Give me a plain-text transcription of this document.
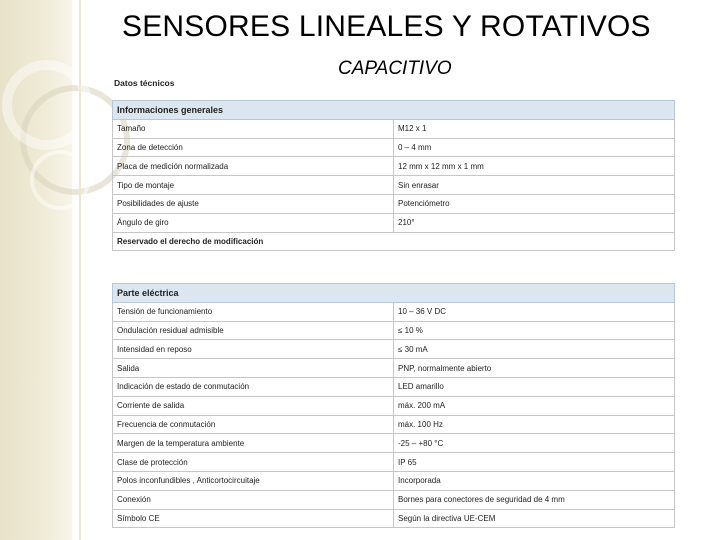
SENSORES LINEALES Y ROTATIVOS
CAPACITIVO
Datos técnicos
Informaciones generales	
Tamaño	M12 x 1
Zona de detección	0 – 4 mm
Placa de medición normalizada	12 mm x 12 mm x 1 mm
Tipo de montaje	Sin enrasar
Posibilidades de ajuste	Potenciómetro
Ángulo de giro	210°
Reservado el derecho de modificación	
Parte eléctrica	
Tensión de funcionamiento	10 – 36 V DC
Ondulación residual admisible	≤ 10 %
Intensidad en reposo	≤ 30 mA
Salida	PNP, normalmente abierto
Indicación de estado de conmutación	LED amarillo
Corriente de salida	máx. 200 mA
Frecuencia de conmutación	máx. 100 Hz
Margen de la temperatura ambiente	-25 – +80 °C
Clase de protección	IP 65
Polos inconfundibles , Anticortocircuitaje	Incorporada
Conexión	Bornes para conectores de seguridad de 4 mm
Símbolo CE	Según la directiva UE-CEM
